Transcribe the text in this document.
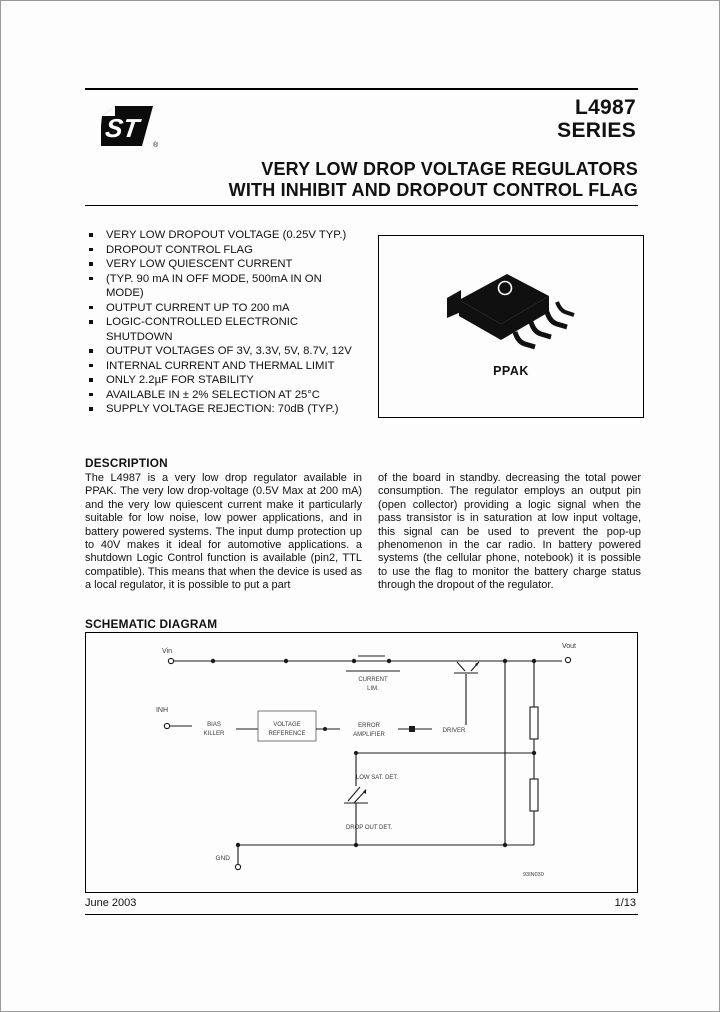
ST
®
L4987
SERIES
VERY LOW DROP VOLTAGE REGULATORS
WITH INHIBIT AND DROPOUT CONTROL FLAG
VERY LOW DROPOUT VOLTAGE (0.25V TYP.)
DROPOUT CONTROL FLAG
VERY LOW QUIESCENT CURRENT
(TYP. 90 mA IN OFF MODE, 500mA IN ON MODE)
OUTPUT CURRENT UP TO 200 mA
LOGIC-CONTROLLED ELECTRONIC SHUTDOWN
OUTPUT VOLTAGES OF 3V, 3.3V, 5V, 8.7V, 12V
INTERNAL CURRENT AND THERMAL LIMIT
ONLY 2.2µF FOR STABILITY
AVAILABLE IN ± 2% SELECTION AT 25°C
SUPPLY VOLTAGE REJECTION: 70dB (TYP.)
PPAK
DESCRIPTION

The L4987 is a very low drop regulator available in PPAK. The very low drop-voltage (0.5V Max at 200 mA) and the very low quiescent current make it particularly suitable for low noise, low power applications, and in battery powered systems. The input dump protection up to 40V makes it ideal for automotive applications. a shutdown Logic Control function is available (pin2, TTL compatible). This means that when the device is used as a local regulator, it is possible to put a part

of the board in standby. decreasing the total power consumption. The regulator employs an output pin (open collector) providing a logic signal when the pass transistor is in saturation at low input voltage, this signal can be used to prevent the pop-up phenomenon in the car radio. In battery powered systems (the cellular phone, notebook) it is possible to use the flag to monitor the battery charge status through the dropout of the regulator.

SCHEMATIC DIAGRAM
Vin
CURRENT
LIM.
Vout
GND
INH
BIAS
KILLER
VOLTAGE
REFERENCE
ERROR
AMPLIFIER
DRIVER
LOW SAT. DET.
DROP OUT DET.
93IN030
June 2003	1/13
